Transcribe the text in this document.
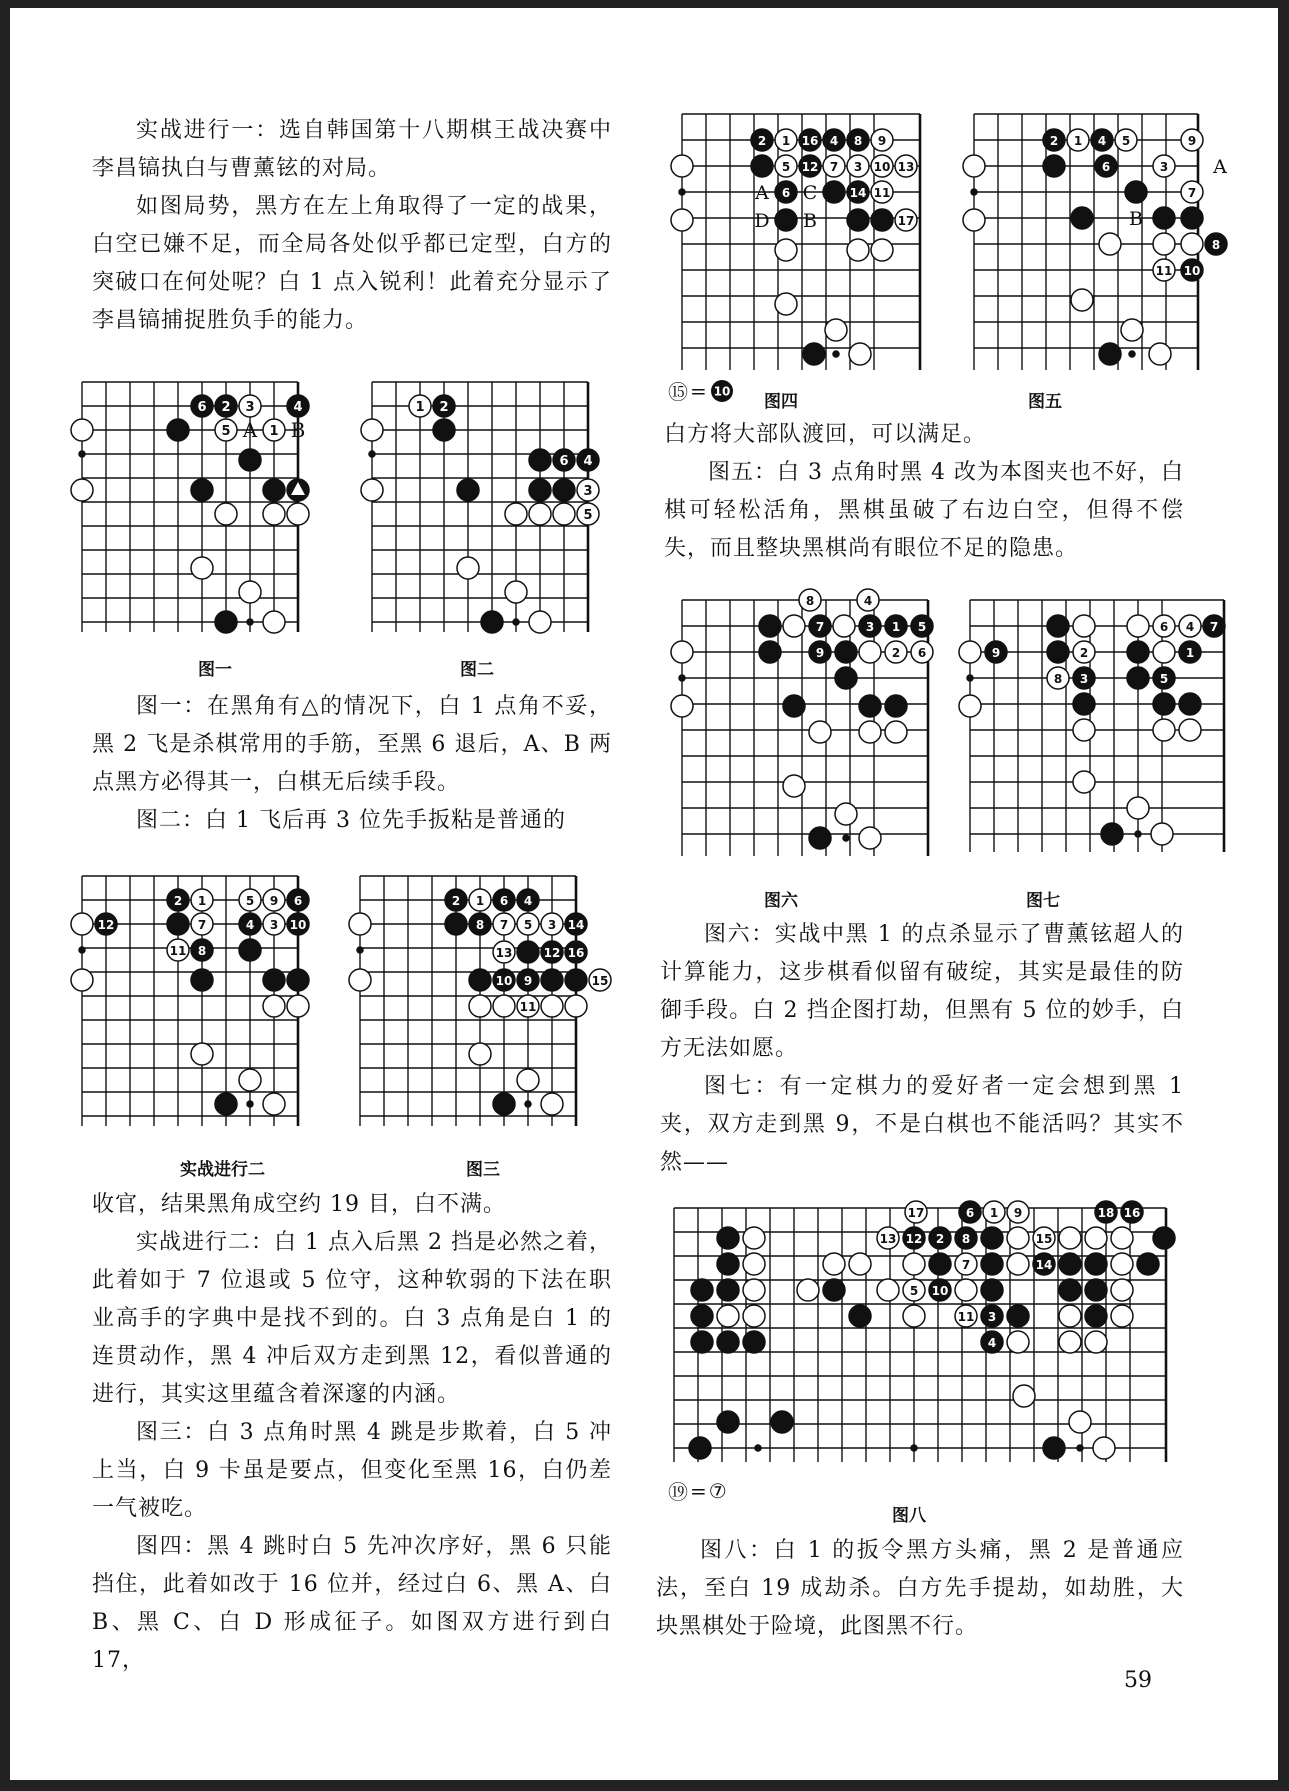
实战进行一：选自韩国第十八期棋王战决赛中李昌镐执白与曹薰铉的对局。

如图局势，黑方在左上角取得了一定的战果，白空已嫌不足，而全局各处似乎都已定型，白方的突破口在何处呢？白 1 点入锐利！此着充分显示了李昌镐捕捉胜负手的能力。

6 2 3	4
5	1
A B
1 2
6 4
3
5
图一	图二

图一：在黑角有△的情况下，白 1 点角不妥，黑 2 飞是杀棋常用的手筋，至黑 6 退后，A、B 两点黑方必得其一，白棋无后续手段。

图二：白 1 飞后再 3 位先手扳粘是普通的

2 1	5 9 6
12	7	4 3 10
11 8
2 1 6 4
8 7 5 3 14
13	12 16
10 9	15
11
实战进行二	图三

收官，结果黑角成空约 19 目，白不满。

实战进行二：白 1 点入后黑 2 挡是必然之着，此着如于 7 位退或 5 位守，这种软弱的下法在职业高手的字典中是找不到的。白 3 点角是白 1 的连贯动作，黑 4 冲后双方走到黑 12，看似普通的进行，其实这里蕴含着深邃的内涵。

图三：白 3 点角时黑 4 跳是步欺着，白 5 冲上当，白 9 卡虽是要点，但变化至黑 16，白仍差一气被吃。

图四：黑 4 跳时白 5 先冲次序好，黑 6 只能挡住，此着如改于 16 位并，经过白 6、黑 A、白 B、黑 C、白 D 形成征子。如图双方进行到白 17，

2 1 16 4 8 9
5 12 7 3 10 13
6	14 11
17
A C
D B
⑮ = 10
图四
2 1 4 5	9
6	3
7
8
11 10
A
B
图五

白方将大部队渡回，可以满足。

图五：白 3 点角时黑 4 改为本图夹也不好，白棋可轻松活角，黑棋虽破了右边白空，但得不偿失，而且整块黑棋尚有眼位不足的隐患。

8	4
7	3 1 5
9	2 6
6 4 7
9	2	1
8 3	5
图六	图七

图六：实战中黑 1 的点杀显示了曹薰铉超人的计算能力，这步棋看似留有破绽，其实是最佳的防御手段。白 2 挡企图打劫，但黑有 5 位的妙手，白方无法如愿。

图七：有一定棋力的爱好者一定会想到黑 1 夹，双方走到黑 9，不是白棋也不能活吗？其实不然——

17	6 1 9	18 16
13 12 2 8	15
7	14
5 10
11 3
4
⑲ = ⑦
图八

图八：白 1 的扳令黑方头痛，黑 2 是普通应法，至白 19 成劫杀。白方先手提劫，如劫胜，大块黑棋处于险境，此图黑不行。

59
